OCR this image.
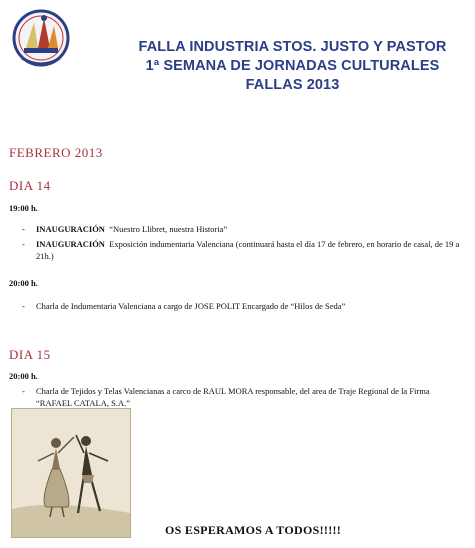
FALLA INDUSTRIA STOS. JUSTO Y PASTOR
1ª SEMANA DE JORNADAS CULTURALES
FALLAS 2013
FEBRERO 2013
DIA 14
19:00 h.
- INAUGURACIÓN “Nuestro Llibret, nuestra Historia”
- INAUGURACIÓN Exposición indumentaria Valenciana (continuará hasta el día 17 de febrero, en horario de casal, de 19 a 21h.)
20:00 h.
- Charla de Indumentaria Valenciana a cargo de JOSE POLIT Encargado de “Hilos de Seda”
DIA 15
20:00 h.
- Charla de Tejidos y Telas Valencianas a carco de RAUL MORA responsable, del area de Traje Regional de la Firma “RAFAEL CATALA, S.A.”
OS ESPERAMOS A TODOS!!!!!
